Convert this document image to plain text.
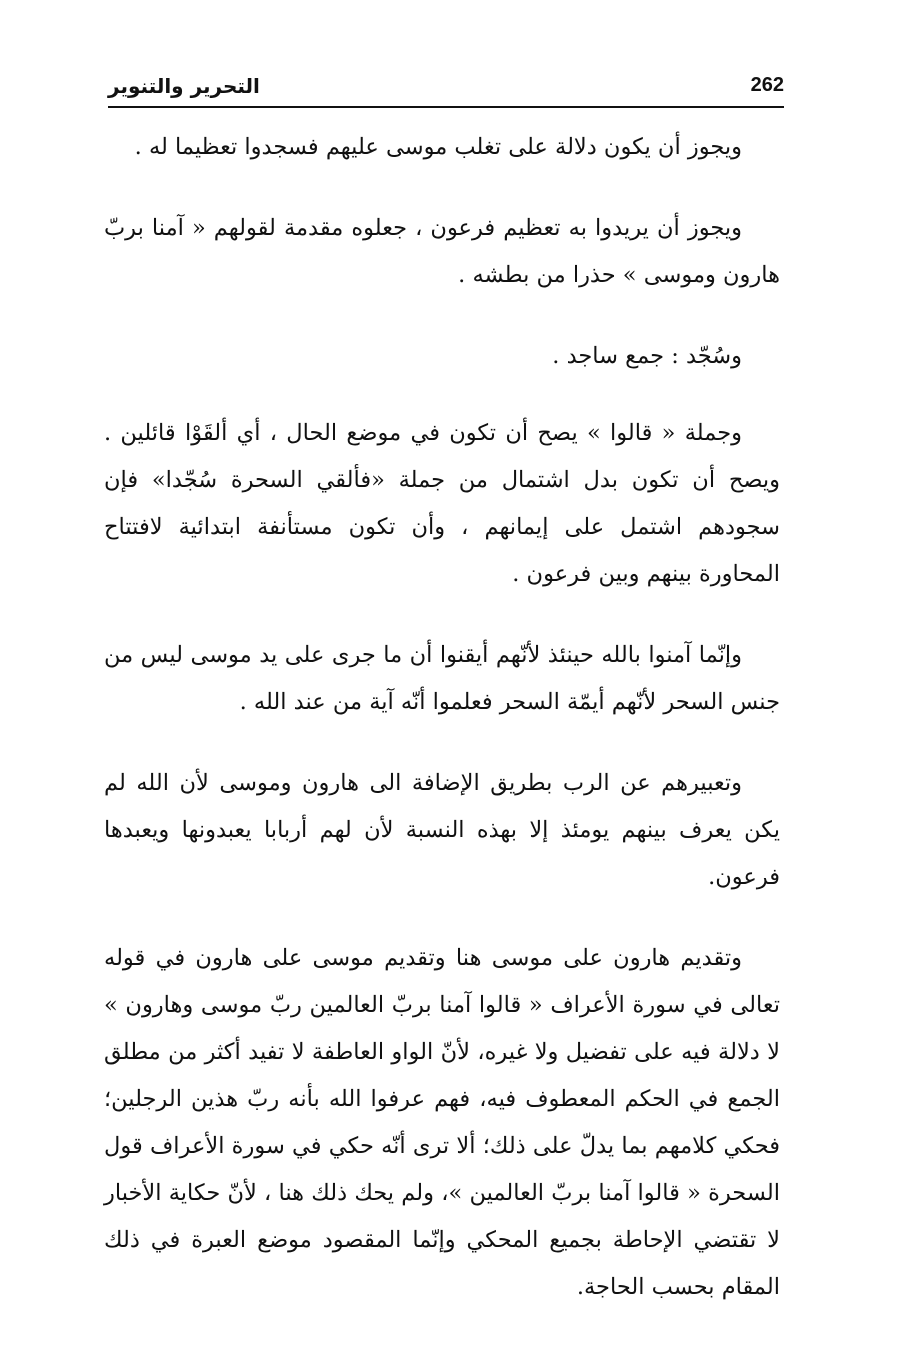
التحرير والتنوير	262

ويجوز أن يكون دلالة على تغلب موسى عليهم فسجدوا تعظيما له .

ويجوز أن يريدوا به تعظيم فرعون ، جعلوه مقدمة لقولهم « آمنا بربّ هارون وموسى » حذرا من بطشه .

وسُجّد : جمع ساجد .

وجملة « قالوا » يصح أن تكون في موضع الحال ، أي ألقَوْا قائلين . ويصح أن تكون بدل اشتمال من جملة «فألقي السحرة سُجّدا» فإن سجودهم اشتمل على إيمانهم ، وأن تكون مستأنفة ابتدائية لافتتاح المحاورة بينهم وبين فرعون .

وإنّما آمنوا بالله حينئذ لأنّهم أيقنوا أن ما جرى على يد موسى ليس من جنس السحر لأنّهم أيمّة السحر فعلموا أنّه آية من عند الله .

وتعبيرهم عن الرب بطريق الإضافة الى هارون وموسى لأن الله لم يكن يعرف بينهم يومئذ إلا بهذه النسبة لأن لهم أربابا يعبدونها ويعبدها فرعون.

وتقديم هارون على موسى هنا وتقديم موسى على هارون في قوله تعالى في سورة الأعراف « قالوا آمنا بربّ العالمين ربّ موسى وهارون » لا دلالة فيه على تفضيل ولا غيره، لأنّ الواو العاطفة لا تفيد أكثر من مطلق الجمع في الحكم المعطوف فيه، فهم عرفوا الله بأنه ربّ هذين الرجلين؛ فحكي كلامهم بما يدلّ على ذلك؛ ألا ترى أنّه حكي في سورة الأعراف قول السحرة « قالوا آمنا بربّ العالمين »، ولم يحك ذلك هنا ، لأنّ حكاية الأخبار لا تقتضي الإحاطة بجميع المحكي وإنّما المقصود موضع العبرة في ذلك المقام بحسب الحاجة.
